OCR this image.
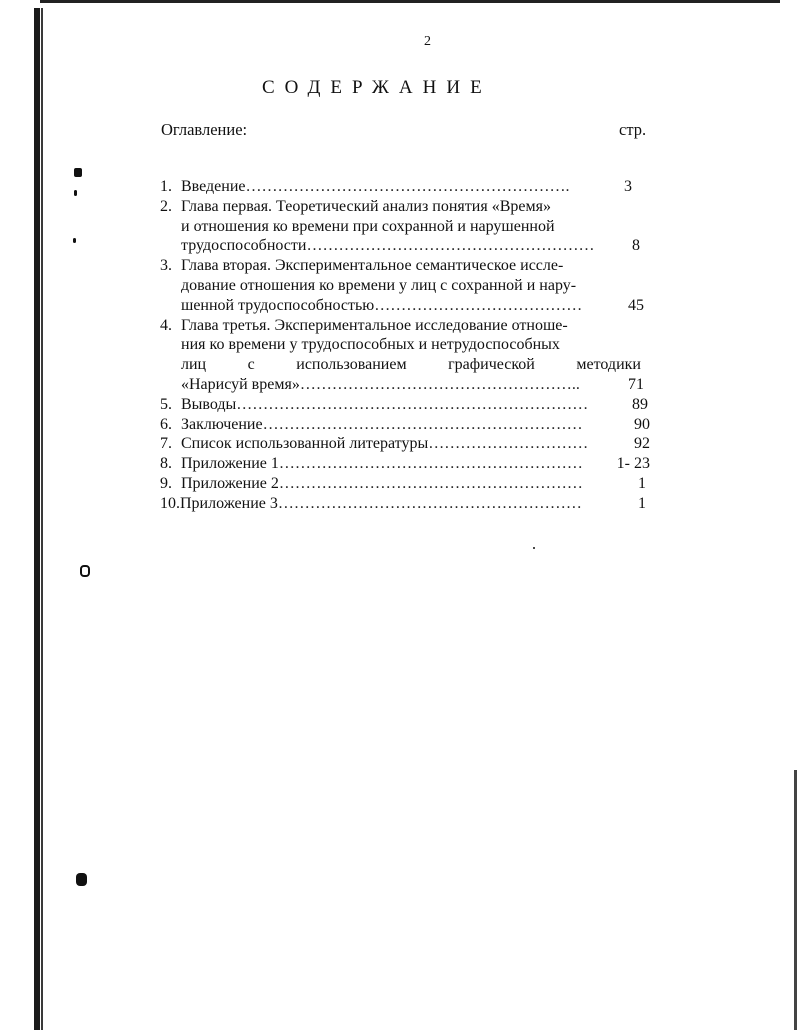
2
СОДЕРЖАНИЕ
Оглавление:	стр.
1. Введение…………………………………………………….	3
2. Глава первая. Теоретический анализ понятия «Время»
и отношения ко времени при сохранной и нарушенной
трудоспособности……………………………………………… 8
3. Глава вторая. Экспериментальное семантическое иссле-
дование отношения ко времени у лиц с сохранной и нару-
шенной трудоспособностью…………………………………	45
4. Глава третья. Экспериментальное исследование отноше-
ния ко времени у трудоспособных и нетрудоспособных
лиц	с	использованием	графической	методики
«Нарисуй время»……………………………………………..	71
5. Выводы…………………………………………………………	89
6. Заключение……………………………………………………	90
7. Список использованной литературы…………………………	92
8. Приложение 1………………………………………………… 1- 23
9. Приложение 2…………………………………………………	1
10.Приложение 3…………………………………………………	1
